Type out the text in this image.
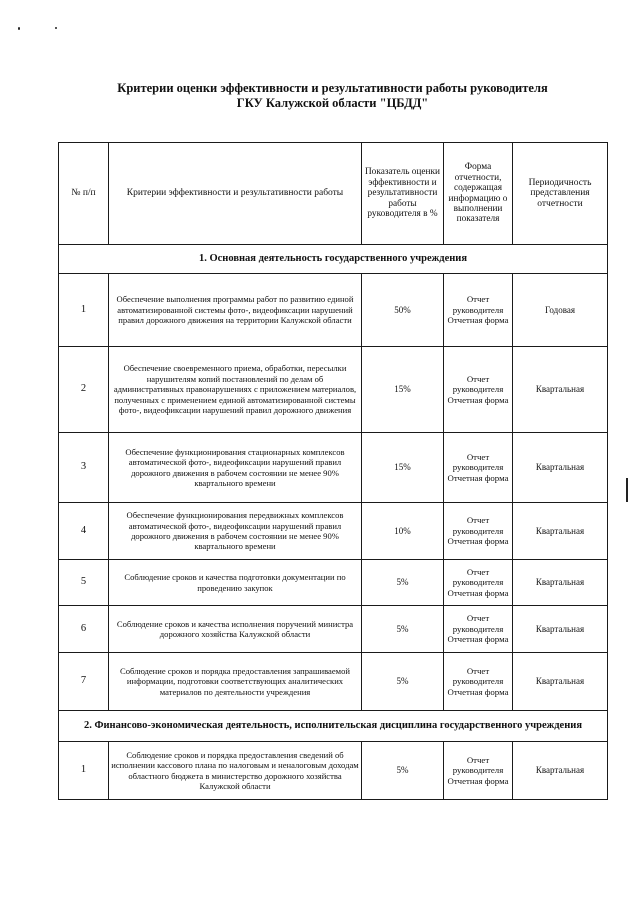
Критерии оценки эффективности и результативности работы руководителя
ГКУ Калужской области "ЦБДД"
№ п/п	Критерии эффективности и результативности работы	Показатель оценки эффективности и результативности работы руководителя в %	Форма отчетности, содержащая информацию о выполнении показателя	Периодичность представления отчетности
1. Основная деятельность государственного учреждения				
1	Обеспечение выполнения программы работ по развитию единой автоматизированной системы фото-, видеофиксации нарушений правил дорожного движения на территории Калужской области	50%	Отчет руководителя Отчетная форма	Годовая
2	Обеспечение своевременного приема, обработки, пересылки нарушителям копий постановлений по делам об административных правонарушениях с приложением материалов, полученных с применением единой автоматизированной системы фото-, видеофиксации нарушений правил дорожного движения	15%	Отчет руководителя Отчетная форма	Квартальная
3	Обеспечение функционирования стационарных комплексов автоматической фото-, видеофиксации нарушений правил дорожного движения в рабочем состоянии не менее 90% квартального времени	15%	Отчет руководителя Отчетная форма	Квартальная
4	Обеспечение функционирования передвижных комплексов автоматической фото-, видеофиксации нарушений правил дорожного движения в рабочем состоянии не менее 90% квартального времени	10%	Отчет руководителя Отчетная форма	Квартальная
5	Соблюдение сроков и качества подготовки документации по проведению закупок	5%	Отчет руководителя Отчетная форма	Квартальная
6	Соблюдение сроков и качества исполнения поручений министра дорожного хозяйства Калужской области	5%	Отчет руководителя Отчетная форма	Квартальная
7	Соблюдение сроков и порядка предоставления запрашиваемой информации, подготовки соответствующих аналитических материалов по деятельности учреждения	5%	Отчет руководителя Отчетная форма	Квартальная
2. Финансово-экономическая деятельность, исполнительская дисциплина государственного учреждения				
1	Соблюдение сроков и порядка предоставления сведений об исполнении кассового плана по налоговым и неналоговым доходам областного бюджета в министерство дорожного хозяйства Калужской области	5%	Отчет руководителя Отчетная форма	Квартальная
